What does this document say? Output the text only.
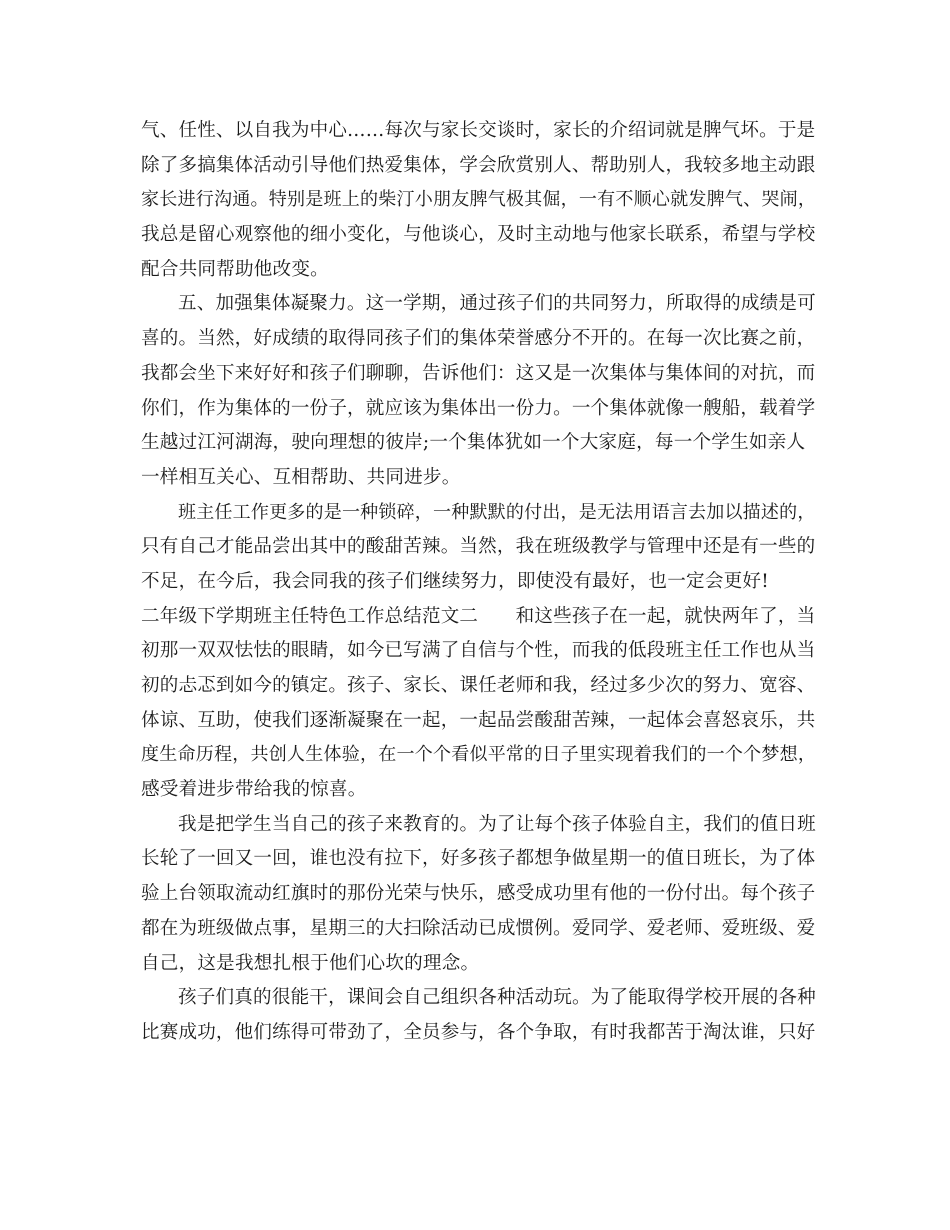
气、任性、以自我为中心……每次与家长交谈时，家长的介绍词就是脾气坏。于是
除了多搞集体活动引导他们热爱集体，学会欣赏别人、帮助别人，我较多地主动跟
家长进行沟通。特别是班上的柴汀小朋友脾气极其倔，一有不顺心就发脾气、哭闹，
我总是留心观察他的细小变化，与他谈心，及时主动地与他家长联系，希望与学校
配合共同帮助他改变。
五、加强集体凝聚力。这一学期，通过孩子们的共同努力，所取得的成绩是可
喜的。当然，好成绩的取得同孩子们的集体荣誉感分不开的。在每一次比赛之前，
我都会坐下来好好和孩子们聊聊，告诉他们：这又是一次集体与集体间的对抗，而
你们，作为集体的一份子，就应该为集体出一份力。一个集体就像一艘船，载着学
生越过江河湖海，驶向理想的彼岸;一个集体犹如一个大家庭，每一个学生如亲人
一样相互关心、互相帮助、共同进步。
班主任工作更多的是一种锁碎，一种默默的付出，是无法用语言去加以描述的，
只有自己才能品尝出其中的酸甜苦辣。当然，我在班级教学与管理中还是有一些的
不足，在今后，我会同我的孩子们继续努力，即使没有最好，也一定会更好!
二年级下学期班主任特色工作总结范文二　　和这些孩子在一起，就快两年了，当
初那一双双怯怯的眼睛，如今已写满了自信与个性，而我的低段班主任工作也从当
初的忐忑到如今的镇定。孩子、家长、课任老师和我，经过多少次的努力、宽容、
体谅、互助，使我们逐渐凝聚在一起，一起品尝酸甜苦辣，一起体会喜怒哀乐，共
度生命历程，共创人生体验，在一个个看似平常的日子里实现着我们的一个个梦想，
感受着进步带给我的惊喜。
我是把学生当自己的孩子来教育的。为了让每个孩子体验自主，我们的值日班
长轮了一回又一回，谁也没有拉下，好多孩子都想争做星期一的值日班长，为了体
验上台领取流动红旗时的那份光荣与快乐，感受成功里有他的一份付出。每个孩子
都在为班级做点事，星期三的大扫除活动已成惯例。爱同学、爱老师、爱班级、爱
自己，这是我想扎根于他们心坎的理念。
孩子们真的很能干，课间会自己组织各种活动玩。为了能取得学校开展的各种
比赛成功，他们练得可带劲了，全员参与，各个争取，有时我都苦于淘汰谁，只好
